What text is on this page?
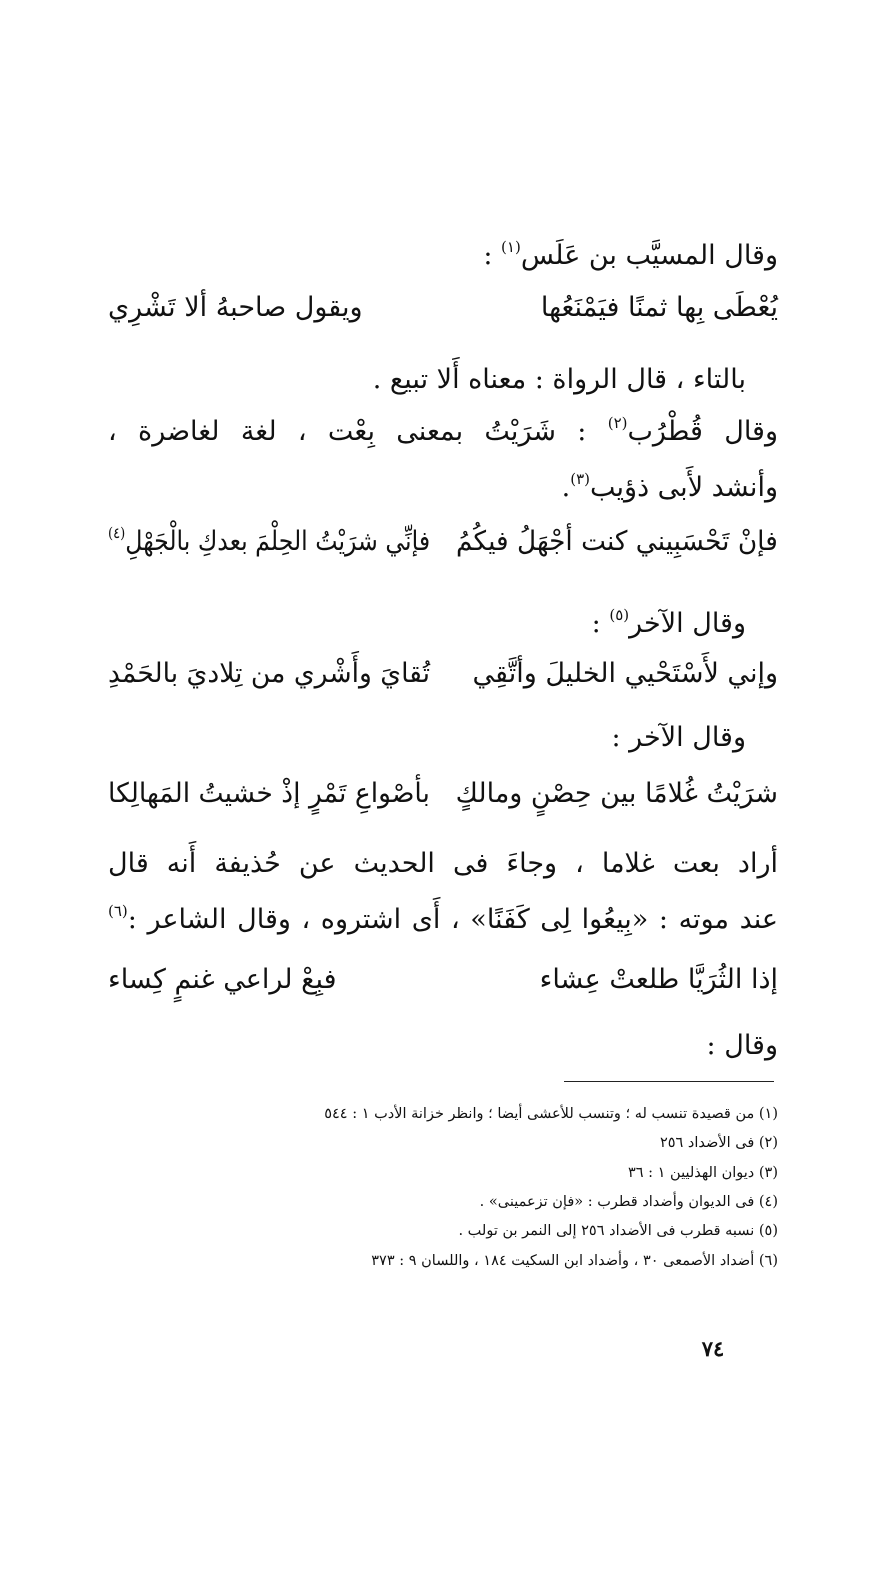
وقال المسيَّب بن عَلَس$^{(١)}$ :
يُعْطَى بِها ثمنًا فيَمْنَعُها
ويقول صاحبهُ ألا تَشْرِي
بالتاء ، قال الرواة : معناه أَلا تبيع .
وقال قُطْرُب$^{(٢)}$ : شَرَيْتُ بمعنى بِعْت ، لغة لغاضرة ،
وأنشد لأَبى ذؤيب$^{(٣)}$.
فإنْ تَحْسَبِيني كنت أجْهَلُ فيكُمُ
فإنِّي شرَيْتُ الحِلْمَ بعدكِ بالْجَهْلِ$^{(٤)}$
وقال الآخر$^{(٥)}$ :
وإني لأَسْتَحْيي الخليلَ وأتَّقِي
تُقايَ وأَشْري من تِلاديَ بالحَمْدِ
وقال الآخر :
شرَيْتُ غُلامًا بين حِصْنٍ ومالكٍ
بأصْواعِ تَمْرٍ إذْ خشيتُ المَهالِكا
أراد بعت غلاما ، وجاءَ فى الحديث عن حُذيفة أَنه قال
عند موته : «بِيعُوا لِى كَفَنًا» ، أَى اشتروه ، وقال الشاعر :$^{(٦)}$
إذا الثُرَيَّا طلعتْ عِشاء
فبِعْ لراعي غنمٍ كِساء
وقال :
(١) من قصيدة تنسب له ؛ وتنسب للأعشى أيضا ؛ وانظر خزانة الأدب ١ : ٥٤٤
(٢) فى الأضداد ٢٥٦
(٣) ديوان الهذليين ١ : ٣٦
(٤) فى الديوان وأضداد قطرب : «فإن تزعمينى» .
(٥) نسبه قطرب فى الأضداد ٢٥٦ إلى النمر بن تولب .
(٦) أضداد الأصمعى ٣٠ ، وأضداد ابن السكيت ١٨٤ ، واللسان ٩ : ٣٧٣
٧٤
